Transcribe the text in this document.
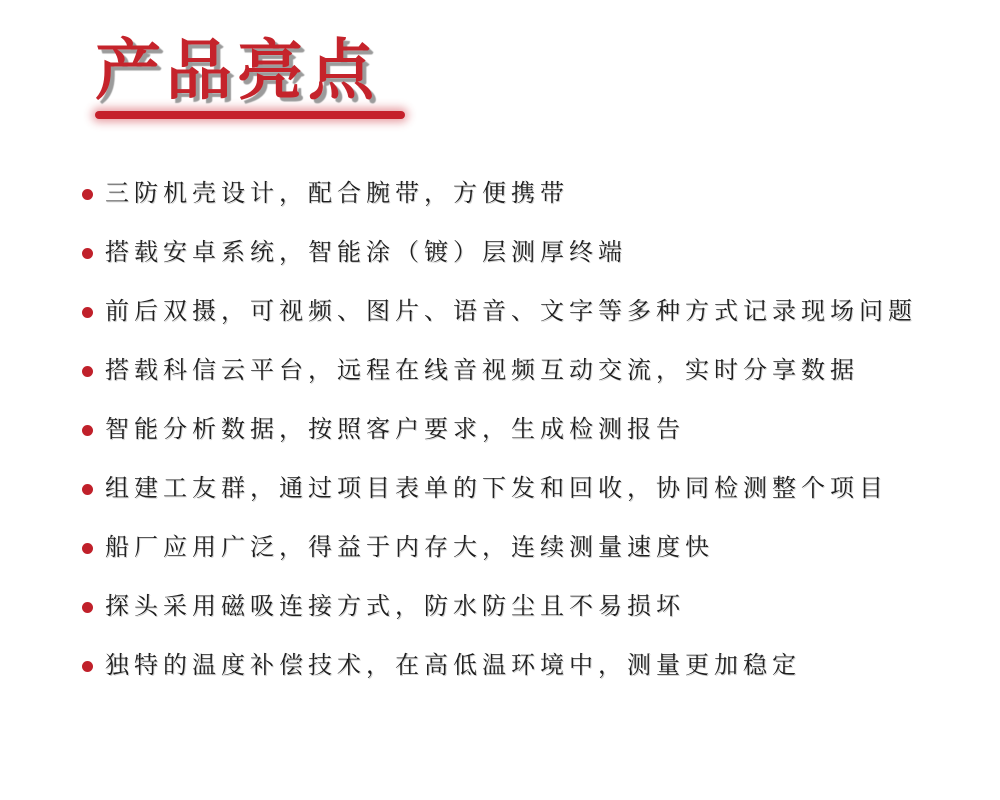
产品亮点
三防机壳设计，配合腕带，方便携带
搭载安卓系统，智能涂（镀）层测厚终端
前后双摄，可视频、图片、语音、文字等多种方式记录现场问题
搭载科信云平台，远程在线音视频互动交流，实时分享数据
智能分析数据，按照客户要求，生成检测报告
组建工友群，通过项目表单的下发和回收，协同检测整个项目
船厂应用广泛，得益于内存大，连续测量速度快
探头采用磁吸连接方式，防水防尘且不易损坏
独特的温度补偿技术，在高低温环境中，测量更加稳定
